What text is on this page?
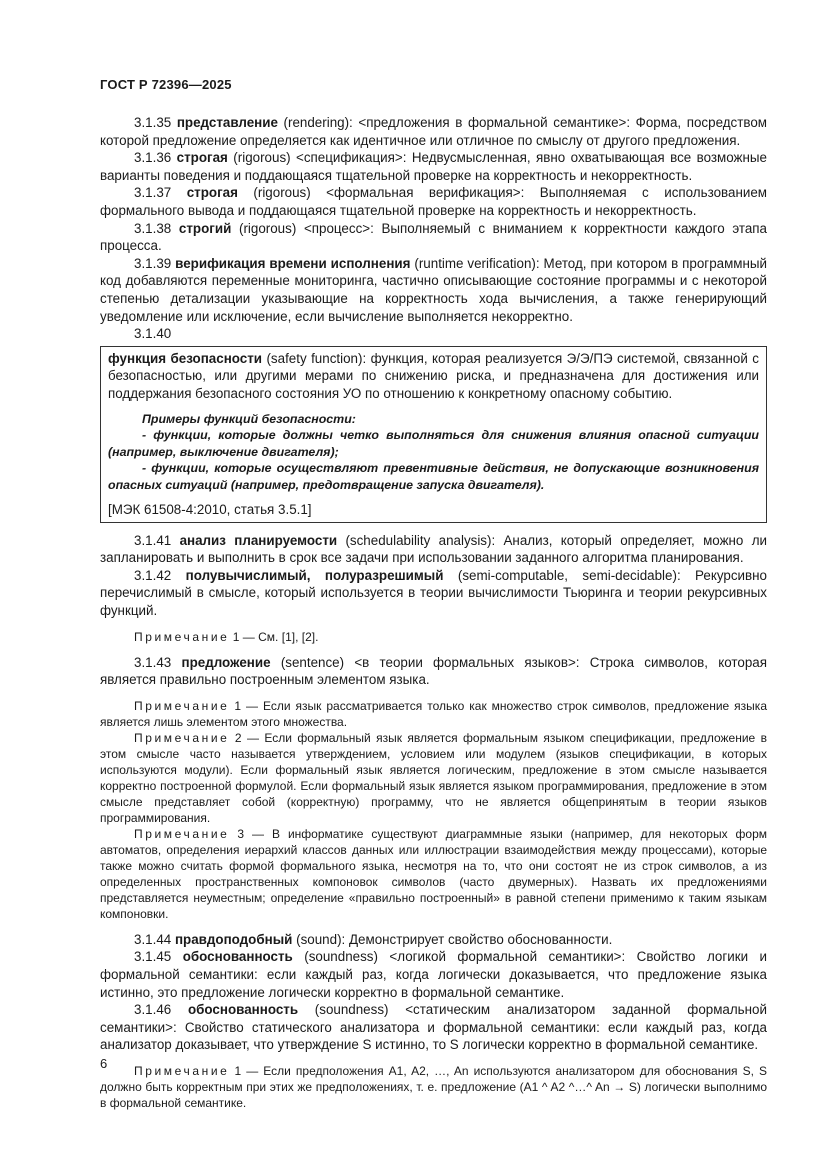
ГОСТ Р 72396—2025

3.1.35 представление (rendering): <предложения в формальной семантике>: Форма, посредством которой предложение определяется как идентичное или отличное по смыслу от другого предложения.

3.1.36 строгая (rigorous) <спецификация>: Недвусмысленная, явно охватывающая все возможные варианты поведения и поддающаяся тщательной проверке на корректность и некорректность.

3.1.37 строгая (rigorous) <формальная верификация>: Выполняемая с использованием формального вывода и поддающаяся тщательной проверке на корректность и некорректность.

3.1.38 строгий (rigorous) <процесс>: Выполняемый с вниманием к корректности каждого этапа процесса.

3.1.39 верификация времени исполнения (runtime verification): Метод, при котором в программный код добавляются переменные мониторинга, частично описывающие состояние программы и с некоторой степенью детализации указывающие на корректность хода вычисления, а также генерирующий уведомление или исключение, если вычисление выполняется некорректно.

3.1.40

функция безопасности (safety function): функция, которая реализуется Э/Э/ПЭ системой, связанной с безопасностью, или другими мерами по снижению риска, и предназначена для достижения или поддержания безопасного состояния УО по отношению к конкретному опасному событию.

Примеры функций безопасности:

- функции, которые должны четко выполняться для снижения влияния опасной ситуации (например, выключение двигателя);

- функции, которые осуществляют превентивные действия, не допускающие возникновения опасных ситуаций (например, предотвращение запуска двигателя).

[МЭК 61508-4:2010, статья 3.5.1]

3.1.41 анализ планируемости (schedulability analysis): Анализ, который определяет, можно ли запланировать и выполнить в срок все задачи при использовании заданного алгоритма планирования.

3.1.42 полувычислимый, полуразрешимый (semi-computable, semi-decidable): Рекурсивно перечислимый в смысле, который используется в теории вычислимости Тьюринга и теории рекурсивных функций.

Примечание 1 — См. [1], [2].

3.1.43 предложение (sentence) <в теории формальных языков>: Строка символов, которая является правильно построенным элементом языка.

Примечание 1 — Если язык рассматривается только как множество строк символов, предложение языка является лишь элементом этого множества.

Примечание 2 — Если формальный язык является формальным языком спецификации, предложение в этом смысле часто называется утверждением, условием или модулем (языков спецификации, в которых используются модули). Если формальный язык является логическим, предложение в этом смысле называется корректно построенной формулой. Если формальный язык является языком программирования, предложение в этом смысле представляет собой (корректную) программу, что не является общепринятым в теории языков программирования.

Примечание 3 — В информатике существуют диаграммные языки (например, для некоторых форм автоматов, определения иерархий классов данных или иллюстрации взаимодействия между процессами), которые также можно считать формой формального языка, несмотря на то, что они состоят не из строк символов, а из определенных пространственных компоновок символов (часто двумерных). Назвать их предложениями представляется неуместным; определение «правильно построенный» в равной степени применимо к таким языкам компоновки.

3.1.44 правдоподобный (sound): Демонстрирует свойство обоснованности.

3.1.45 обоснованность (soundness) <логикой формальной семантики>: Свойство логики и формальной семантики: если каждый раз, когда логически доказывается, что предложение языка истинно, это предложение логически корректно в формальной семантике.

3.1.46 обоснованность (soundness) <статическим анализатором заданной формальной семантики>: Свойство статического анализатора и формальной семантики: если каждый раз, когда анализатор доказывает, что утверждение S истинно, то S логически корректно в формальной семантике.

Примечание 1 — Если предположения A1, A2, …, An используются анализатором для обоснования S, S должно быть корректным при этих же предположениях, т. е. предложение (A1 ^ A2 ^…^ An → S) логически выполнимо в формальной семантике.

6
